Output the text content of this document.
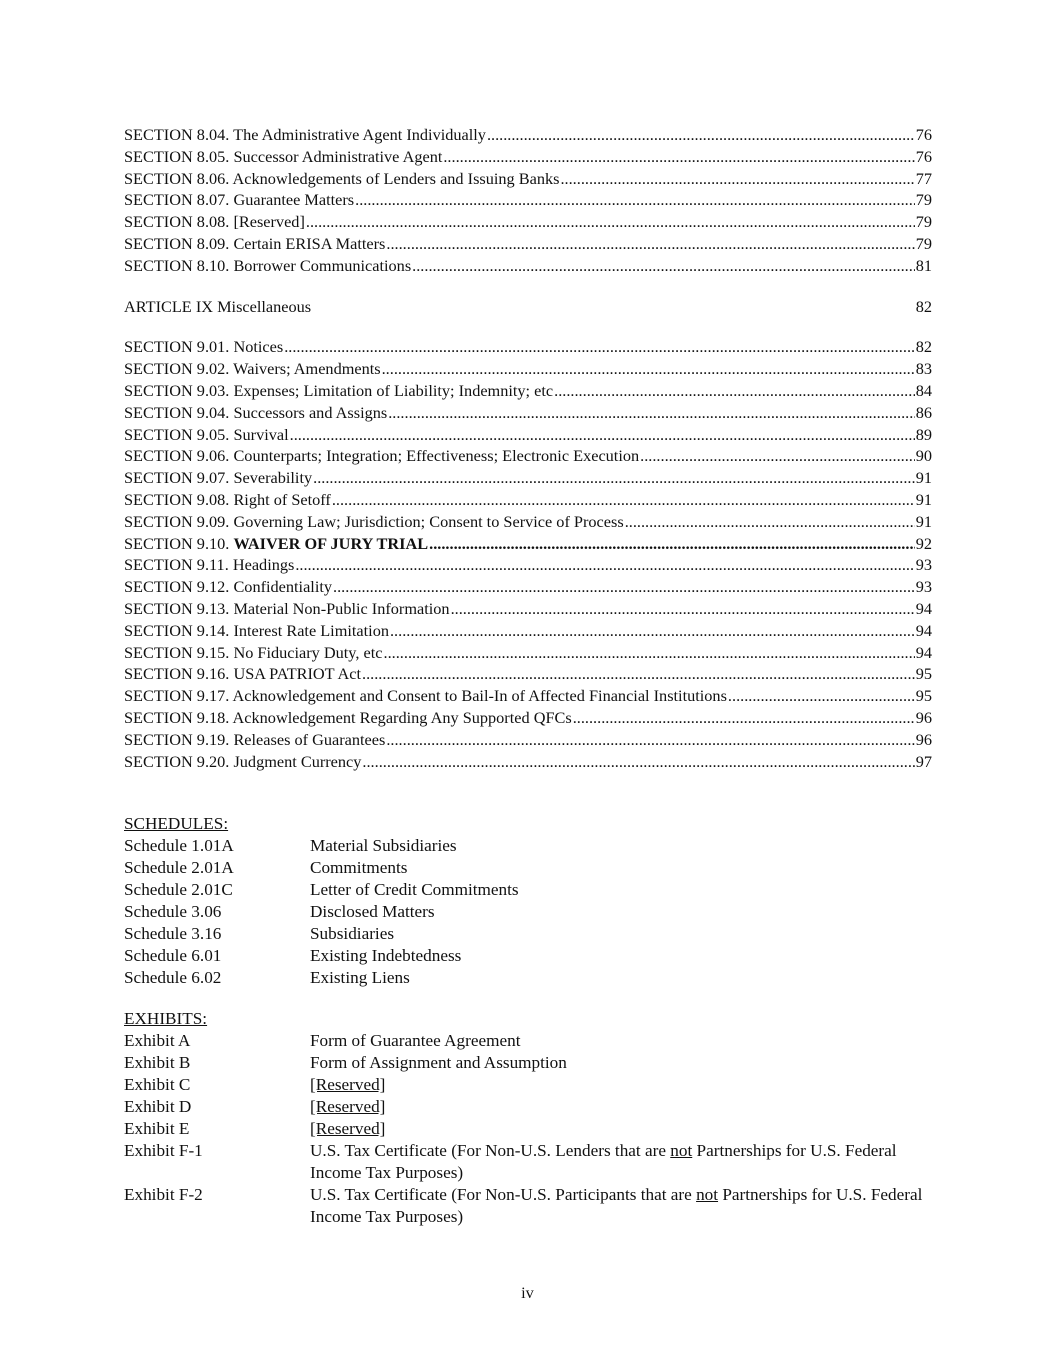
SECTION 8.04. The Administrative Agent Individually .....	76
SECTION 8.05. Successor Administrative Agent .....	76
SECTION 8.06. Acknowledgements of Lenders and Issuing Banks .....	77
SECTION 8.07. Guarantee Matters .....	79
SECTION 8.08. [Reserved] .....	79
SECTION 8.09. Certain ERISA Matters .....	79
SECTION 8.10. Borrower Communications .....	81
ARTICLE IX Miscellaneous	82
SECTION 9.01. Notices .....	82
SECTION 9.02. Waivers; Amendments .....	83
SECTION 9.03. Expenses; Limitation of Liability; Indemnity; etc .....	84
SECTION 9.04. Successors and Assigns .....	86
SECTION 9.05. Survival .....	89
SECTION 9.06. Counterparts; Integration; Effectiveness; Electronic Execution .....	90
SECTION 9.07. Severability .....	91
SECTION 9.08. Right of Setoff .....	91
SECTION 9.09. Governing Law; Jurisdiction; Consent to Service of Process .....	91
SECTION 9.10. WAIVER OF JURY TRIAL .....	92
SECTION 9.11. Headings .....	93
SECTION 9.12. Confidentiality .....	93
SECTION 9.13. Material Non-Public Information .....	94
SECTION 9.14. Interest Rate Limitation .....	94
SECTION 9.15. No Fiduciary Duty, etc .....	94
SECTION 9.16. USA PATRIOT Act .....	95
SECTION 9.17. Acknowledgement and Consent to Bail-In of Affected Financial Institutions .....	95
SECTION 9.18. Acknowledgement Regarding Any Supported QFCs .....	96
SECTION 9.19. Releases of Guarantees .....	96
SECTION 9.20. Judgment Currency .....	97
SCHEDULES:
Schedule 1.01A	Material Subsidiaries
Schedule 2.01A	Commitments
Schedule 2.01C	Letter of Credit Commitments
Schedule 3.06	Disclosed Matters
Schedule 3.16	Subsidiaries
Schedule 6.01	Existing Indebtedness
Schedule 6.02	Existing Liens
EXHIBITS:
Exhibit A	Form of Guarantee Agreement
Exhibit B	Form of Assignment and Assumption
Exhibit C	[Reserved]
Exhibit D	[Reserved]
Exhibit E	[Reserved]
Exhibit F-1	U.S. Tax Certificate (For Non-U.S. Lenders that are not Partnerships for U.S. Federal Income Tax Purposes)
Exhibit F-2	U.S. Tax Certificate (For Non-U.S. Participants that are not Partnerships for U.S. Federal Income Tax Purposes)
iv
